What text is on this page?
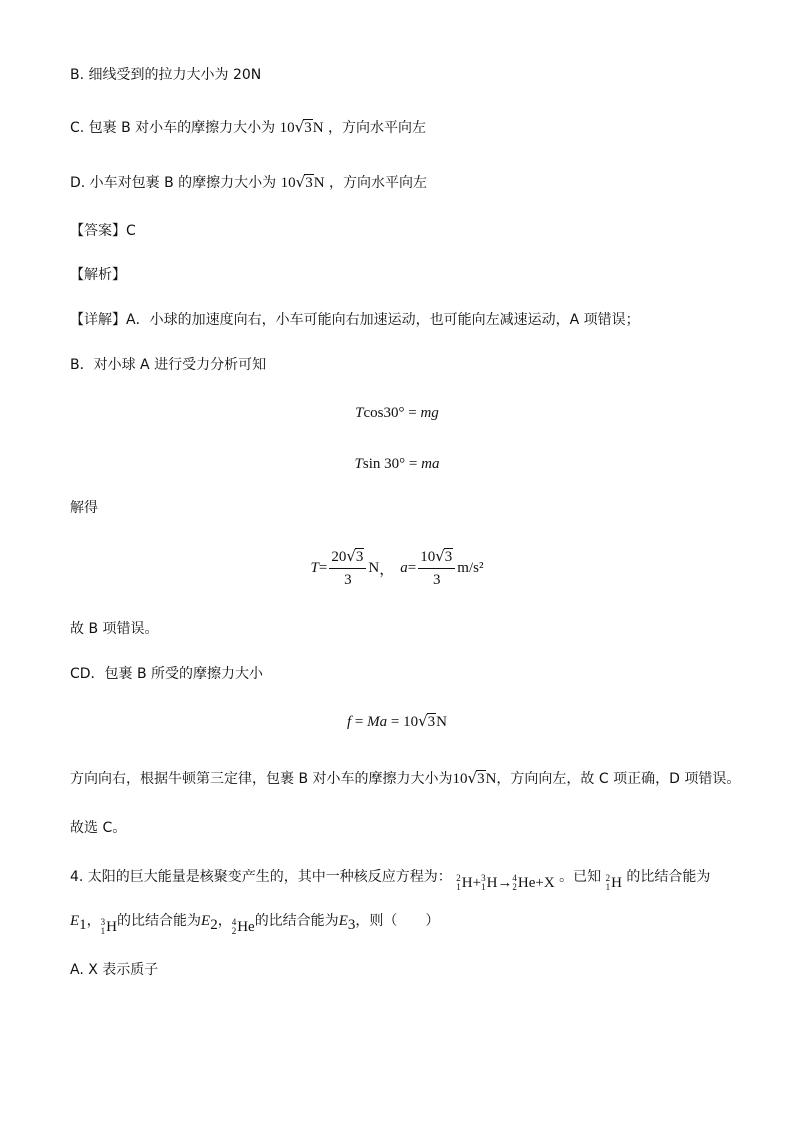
B. 细线受到的拉力大小为 20N
C. 包裹 B 对小车的摩擦力大小为 10√3N ，方向水平向左
D. 小车对包裹 B 的摩擦力大小为 10√3N ，方向水平向左
【答案】C
【解析】
【详解】A．小球的加速度向右，小车可能向右加速运动，也可能向左减速运动，A 项错误；
B．对小球 A 进行受力分析可知
Tcos30° = mg
Tsin 30° = ma
解得
$T = \frac{20√3}{3}$ N ， $a = \frac{10√3}{3} m/s^2$
故 B 项错误。
CD．包裹 B 所受的摩擦力大小
f = Ma = 10√3N
方向向右，根据牛顿第三定律，包裹 B 对小车的摩擦力大小为10√3N，方向向左，故 C 项正确，D 项错误。
故选 C。
4. 太阳的巨大能量是核聚变产生的，其中一种核反应方程为： 2
1 H + 3
1 H → 4
2 He +X 。已知 2
1 H 的比结合能为
$E_1$， 3
1 H 的比结合能为$E_2$， 4
2 He 的比结合能为$E_3$，则（　　）
A. X 表示质子
